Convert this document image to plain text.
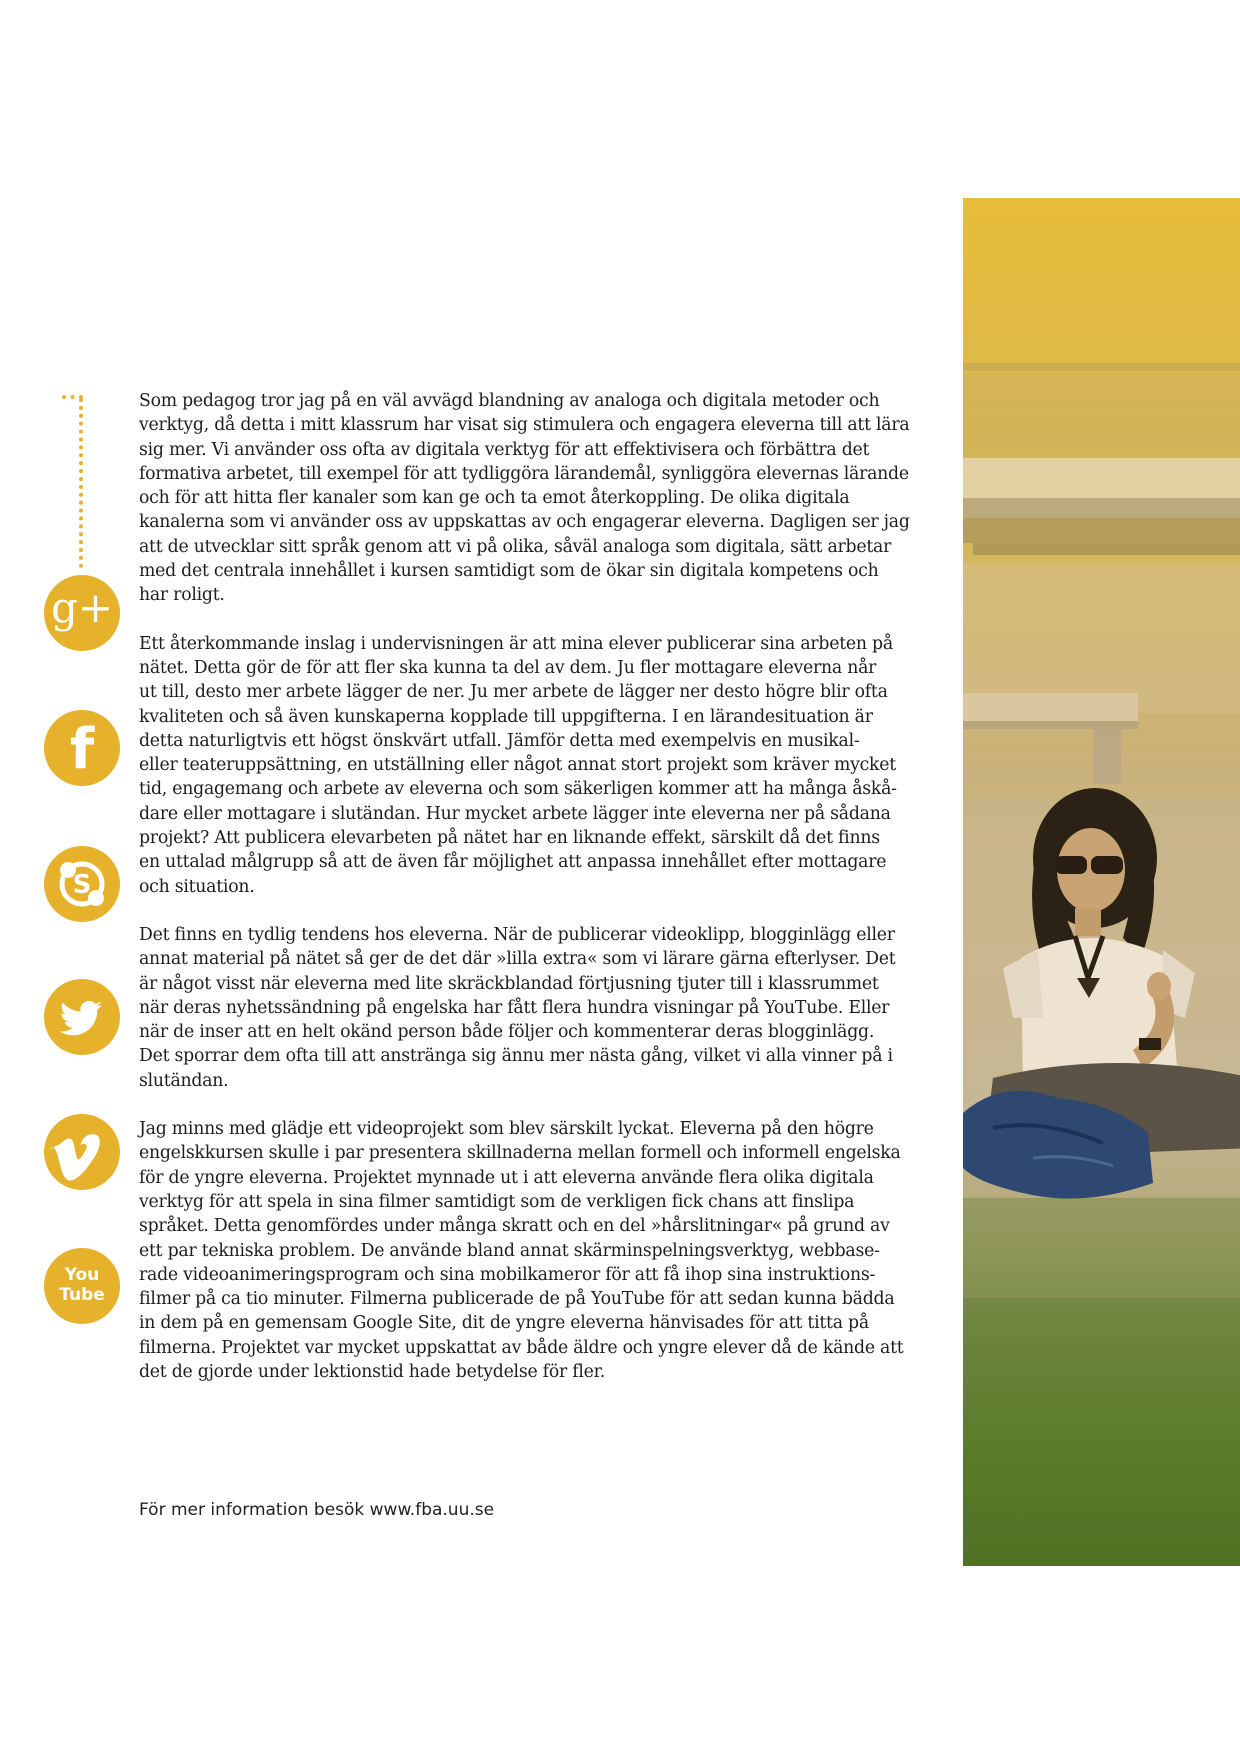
g+
f
S
You
Tube

Som pedagog tror jag på en väl avvägd blandning av analoga och digitala metoder och
verktyg, då detta i mitt klassrum har visat sig stimulera och engagera eleverna till att lära
sig mer. Vi använder oss ofta av digitala verktyg för att effektivisera och förbättra det
formativa arbetet, till exempel för att tydliggöra lärandemål, synliggöra elevernas lärande
och för att hitta fler kanaler som kan ge och ta emot återkoppling. De olika digitala
kanalerna som vi använder oss av uppskattas av och engagerar eleverna. Dagligen ser jag
att de utvecklar sitt språk genom att vi på olika, såväl analoga som digitala, sätt arbetar
med det centrala innehållet i kursen samtidigt som de ökar sin digitala kompetens och
har roligt.

Ett återkommande inslag i undervisningen är att mina elever publicerar sina arbeten på
nätet. Detta gör de för att fler ska kunna ta del av dem. Ju fler mottagare eleverna når
ut till, desto mer arbete lägger de ner. Ju mer arbete de lägger ner desto högre blir ofta
kvaliteten och så även kunskaperna kopplade till uppgifterna. I en lärandesituation är
detta naturligtvis ett högst önskvärt utfall. Jämför detta med exempelvis en musikal-
eller teateruppsättning, en utställning eller något annat stort projekt som kräver mycket
tid, engagemang och arbete av eleverna och som säkerligen kommer att ha många åskå-
dare eller mottagare i slutändan. Hur mycket arbete lägger inte eleverna ner på sådana
projekt? Att publicera elevarbeten på nätet har en liknande effekt, särskilt då det finns
en uttalad målgrupp så att de även får möjlighet att anpassa innehållet efter mottagare
och situation.

Det finns en tydlig tendens hos eleverna. När de publicerar videoklipp, blogginlägg eller
annat material på nätet så ger de det där »lilla extra« som vi lärare gärna efterlyser. Det
är något visst när eleverna med lite skräckblandad förtjusning tjuter till i klassrummet
när deras nyhetssändning på engelska har fått flera hundra visningar på YouTube. Eller
när de inser att en helt okänd person både följer och kommenterar deras blogginlägg.
Det sporrar dem ofta till att anstränga sig ännu mer nästa gång, vilket vi alla vinner på i
slutändan.

Jag minns med glädje ett videoprojekt som blev särskilt lyckat. Eleverna på den högre
engelskkursen skulle i par presentera skillnaderna mellan formell och informell engelska
för de yngre eleverna. Projektet mynnade ut i att eleverna använde flera olika digitala
verktyg för att spela in sina filmer samtidigt som de verkligen fick chans att finslipa
språket. Detta genomfördes under många skratt och en del »hårslitningar« på grund av
ett par tekniska problem. De använde bland annat skärminspelningsverktyg, webbase-
rade videoanimeringsprogram och sina mobilkameror för att få ihop sina instruktions-
filmer på ca tio minuter. Filmerna publicerade de på YouTube för att sedan kunna bädda
in dem på en gemensam Google Site, dit de yngre eleverna hänvisades för att titta på
filmerna. Projektet var mycket uppskattat av både äldre och yngre elever då de kände att
det de gjorde under lektionstid hade betydelse för fler.

För mer information besök www.fba.uu.se
